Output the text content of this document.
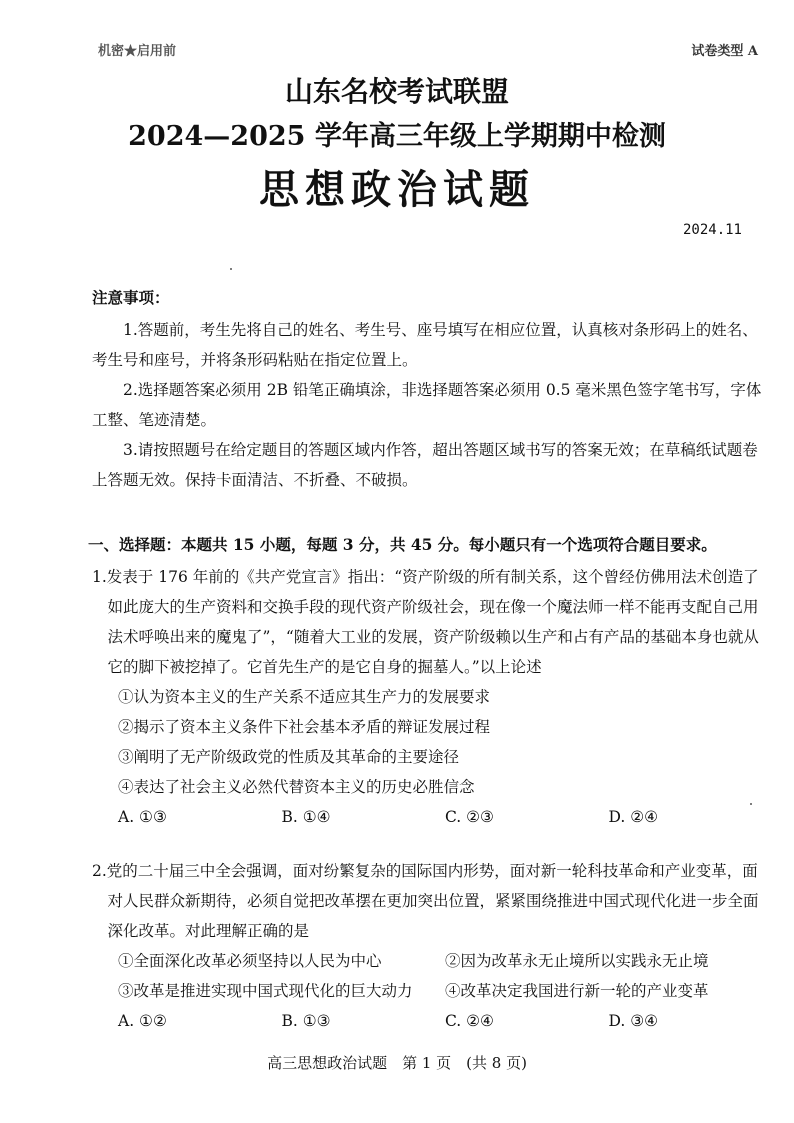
机密★启用前	试卷类型 A
山东名校考试联盟
2024—2025 学年高三年级上学期期中检测
思想政治试题
2024.11
注意事项：

1.答题前，考生先将自己的姓名、考生号、座号填写在相应位置，认真核对条形码上的姓名、考生号和座号，并将条形码粘贴在指定位置上。

2.选择题答案必须用 2B 铅笔正确填涂，非选择题答案必须用 0.5 毫米黑色签字笔书写，字体工整、笔迹清楚。

3.请按照题号在给定题目的答题区域内作答，超出答题区域书写的答案无效；在草稿纸试题卷上答题无效。保持卡面清洁、不折叠、不破损。

一、选择题：本题共 15 小题，每题 3 分，共 45 分。每小题只有一个选项符合题目要求。

1.发表于 176 年前的《共产党宣言》指出：“资产阶级的所有制关系，这个曾经仿佛用法术创造了如此庞大的生产资料和交换手段的现代资产阶级社会，现在像一个魔法师一样不能再支配自己用法术呼唤出来的魔鬼了”，“随着大工业的发展，资产阶级赖以生产和占有产品的基础本身也就从它的脚下被挖掉了。它首先生产的是它自身的掘墓人。”以上论述

①认为资本主义的生产关系不适应其生产力的发展要求

②揭示了资本主义条件下社会基本矛盾的辩证发展过程

③阐明了无产阶级政党的性质及其革命的主要途径

④表达了社会主义必然代替资本主义的历史必胜信念

A. ①③	B. ①④	C. ②③	D. ②④

2.党的二十届三中全会强调，面对纷繁复杂的国际国内形势，面对新一轮科技革命和产业变革，面对人民群众新期待，必须自觉把改革摆在更加突出位置，紧紧围绕推进中国式现代化进一步全面深化改革。对此理解正确的是

①全面深化改革必须坚持以人民为中心	②因为改革永无止境所以实践永无止境
③改革是推进实现中国式现代化的巨大动力	④改革决定我国进行新一轮的产业变革
A. ①②	B. ①③	C. ②④	D. ③④
高三思想政治试题　第 1 页　(共 8 页)
